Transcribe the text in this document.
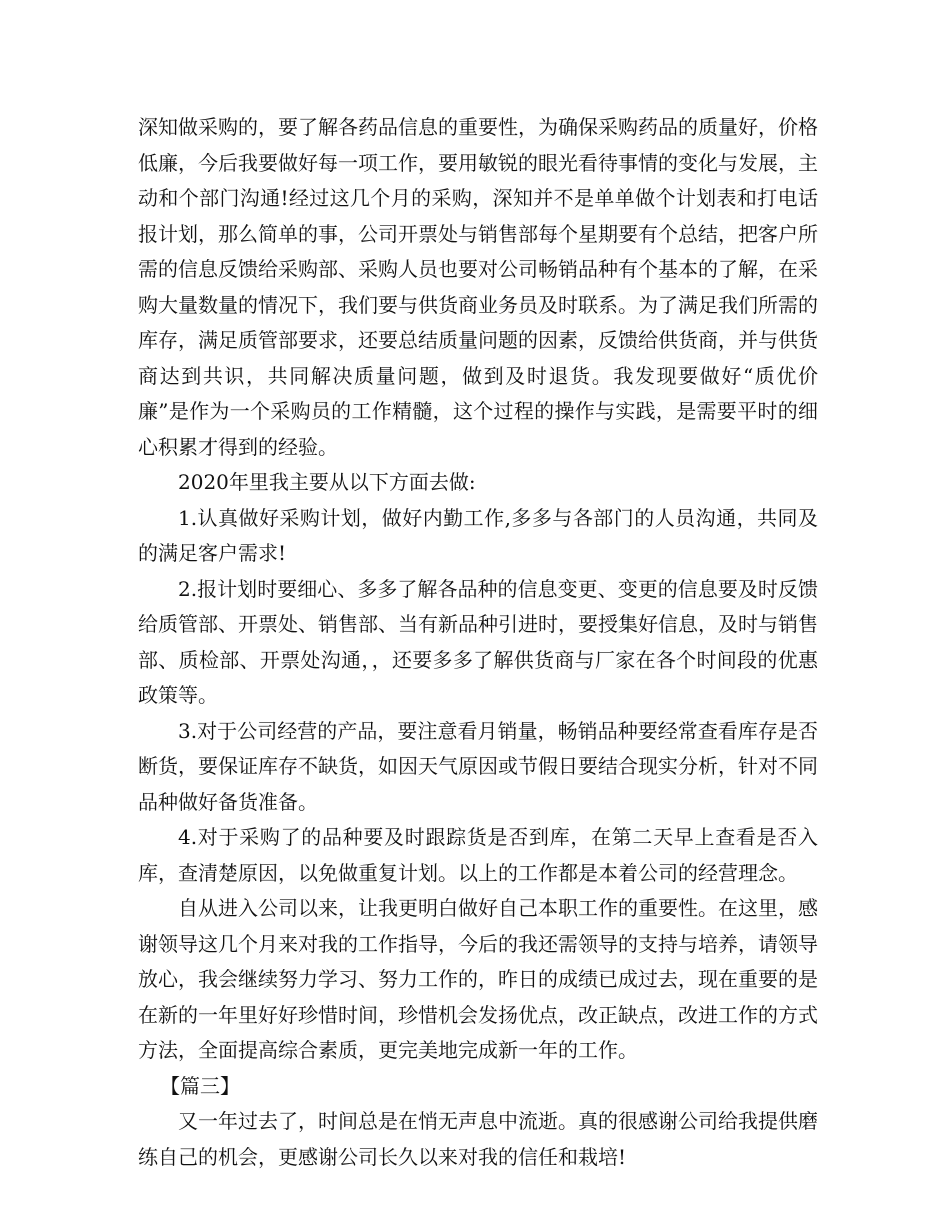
深知做采购的，要了解各药品信息的重要性，为确保采购药品的质量好，价格低廉，今后我要做好每一项工作，要用敏锐的眼光看待事情的变化与发展，主动和个部门沟通!经过这几个月的采购，深知并不是单单做个计划表和打电话报计划，那么简单的事，公司开票处与销售部每个星期要有个总结，把客户所需的信息反馈给采购部、采购人员也要对公司畅销品种有个基本的了解，在采购大量数量的情况下，我们要与供货商业务员及时联系。为了满足我们所需的库存，满足质管部要求，还要总结质量问题的因素，反馈给供货商，并与供货商达到共识，共同解决质量问题，做到及时退货。我发现要做好“质优价廉”是作为一个采购员的工作精髓，这个过程的操作与实践，是需要平时的细心积累才得到的经验。

2020年里我主要从以下方面去做:

1.认真做好采购计划，做好内勤工作,多多与各部门的人员沟通，共同及的满足客户需求!

2.报计划时要细心、多多了解各品种的信息变更、变更的信息要及时反馈给质管部、开票处、销售部、当有新品种引进时，要授集好信息，及时与销售部、质检部、开票处沟通，，还要多多了解供货商与厂家在各个时间段的优惠政策等。

3.对于公司经营的产品，要注意看月销量，畅销品种要经常查看库存是否断货，要保证库存不缺货，如因天气原因或节假日要结合现实分析，针对不同品种做好备货准备。

4.对于采购了的品种要及时跟踪货是否到库，在第二天早上查看是否入库，查清楚原因，以免做重复计划。以上的工作都是本着公司的经营理念。

自从进入公司以来，让我更明白做好自己本职工作的重要性。在这里，感谢领导这几个月来对我的工作指导，今后的我还需领导的支持与培养，请领导放心，我会继续努力学习、努力工作的，昨日的成绩已成过去，现在重要的是在新的一年里好好珍惜时间，珍惜机会发扬优点，改正缺点，改进工作的方式方法，全面提高综合素质，更完美地完成新一年的工作。

【篇三】

又一年过去了，时间总是在悄无声息中流逝。真的很感谢公司给我提供磨练自己的机会，更感谢公司长久以来对我的信任和栽培!
